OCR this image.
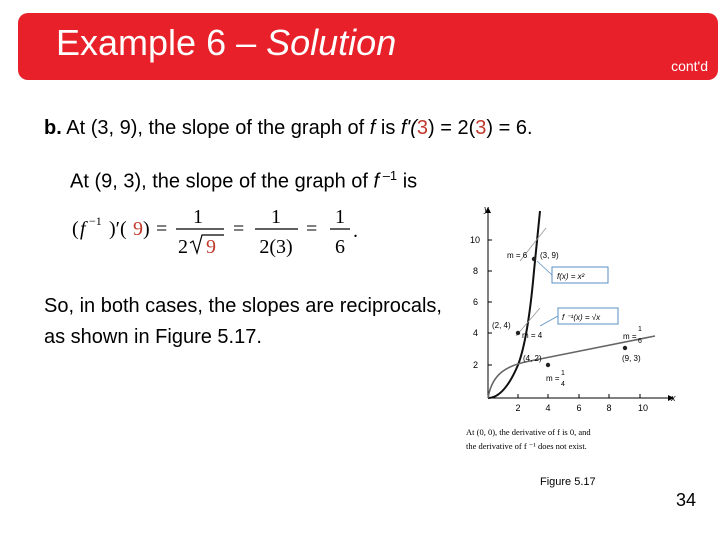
Example 6 – Solution
cont'd
b. At (3, 9), the slope of the graph of f is f'(3) = 2(3) = 6.
At (9, 3), the slope of the graph of f $^{-1}$ is
( f −1 )′( 9 ) =
1
2 9
=
1
2(3)
=
1
6
.
So, in both cases, the slopes are reciprocals, as shown in Figure 5.17.
x
y
2	4	6	8	10
2
4
6
8
10
m = 6 (3, 9)
f(x) = x²
f ⁻¹(x) = √x
(2, 4)
m = 4
(4, 2)
m =
1
6
(9, 3)
m =
1
4
At (0, 0), the derivative of f is 0, and
the derivative of f ⁻¹ does not exist.
Figure 5.17
34
